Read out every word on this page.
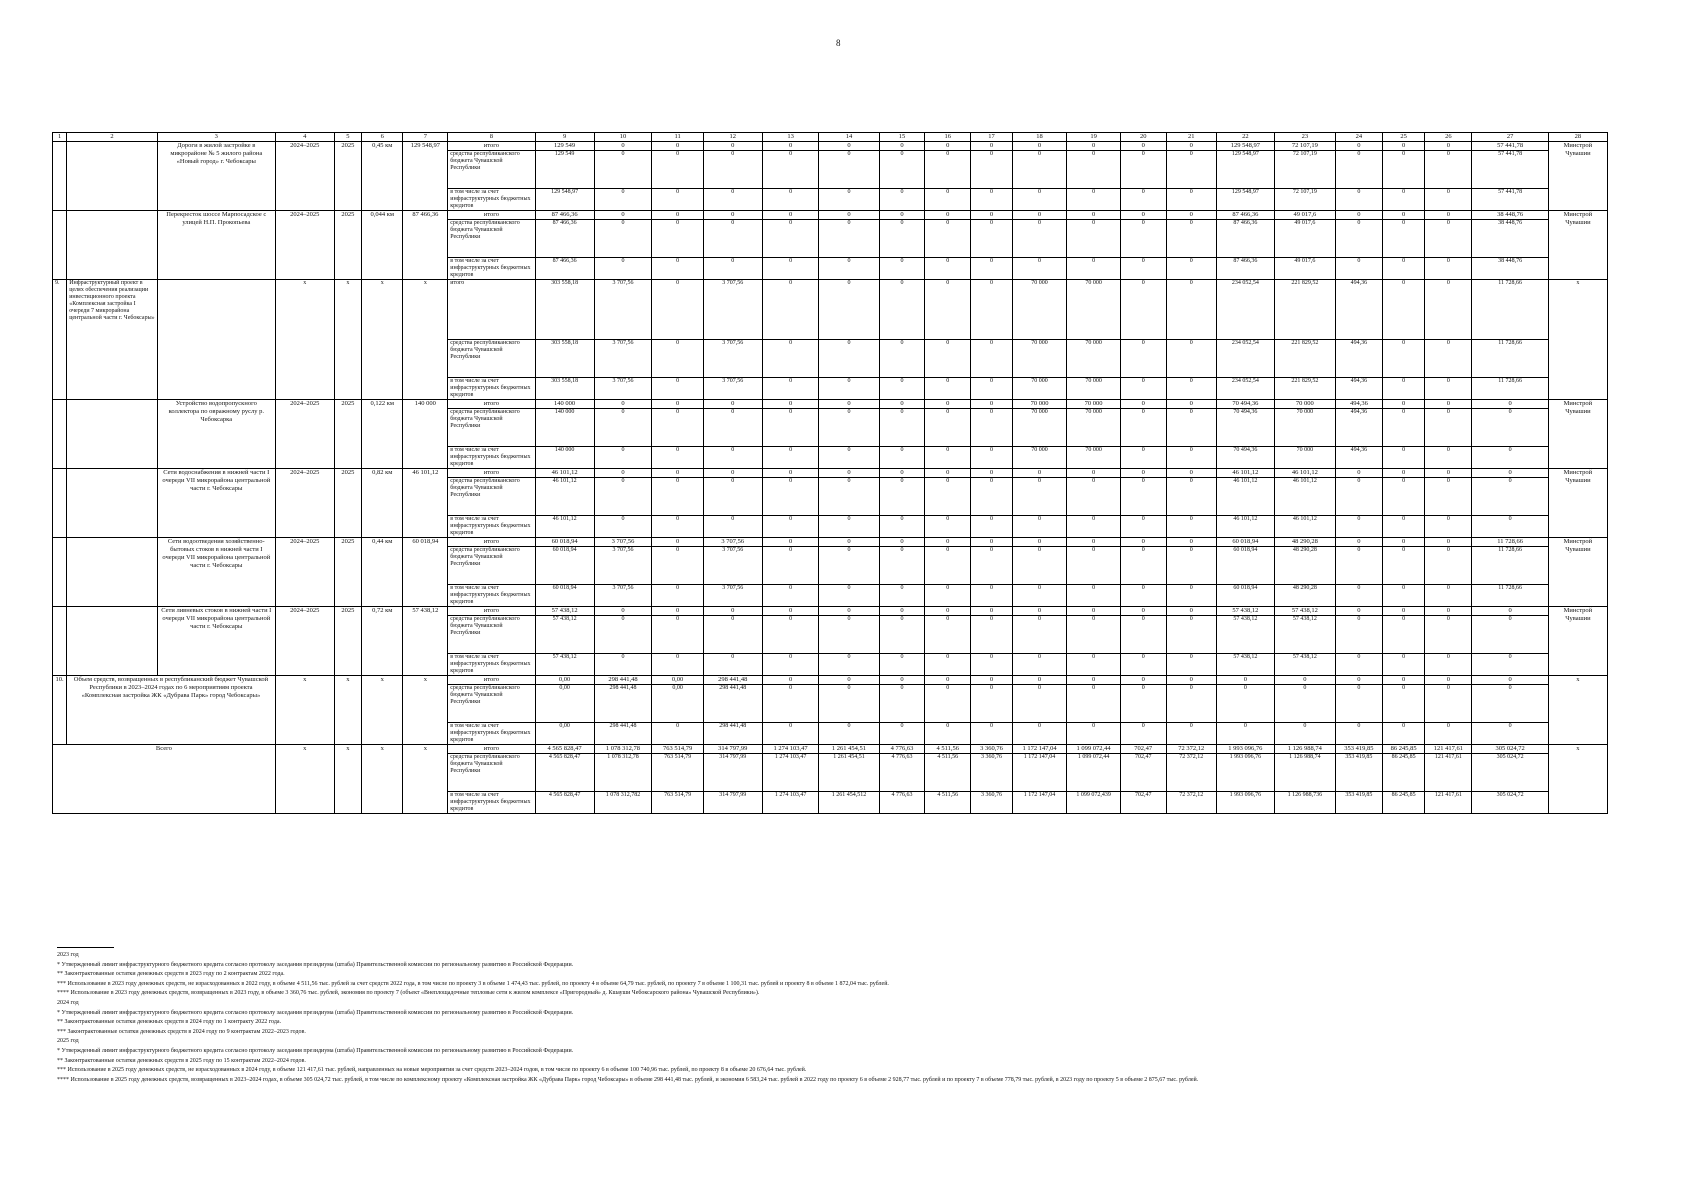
8
1	2	3	4	5	6	7	8	9	10	11	12	13	14	15	16	17	18	19	20	21	22	23	24	25	26	27	28
		Дороги в жилой застройке в микрорайоне № 5 жилого района «Новый город» г. Чебоксары	2024–2025	2025	0,45 км	129 548,97	итого	129 549	0	0	0	0	0	0	0	0	0	0	0	0	129 548,97	72 107,19	0	0	0	57 441,78	Минстрой Чувашии
							средства республиканского бюджета Чувашской Республики	129 549	0	0	0	0	0	0	0	0	0	0	0	0	129 548,97	72 107,19	0	0	0	57 441,78	
							в том числе за счет инфраструктурных бюджетных кредитов	129 548,97	0	0	0	0	0	0	0	0	0	0	0	0	129 548,97	72 107,19	0	0	0	57 441,78	
		Перекресток шоссе Марпосадское с улицей Н.П. Прокопьева	2024–2025	2025	0,044 км	87 466,36	итого	87 466,36	0	0	0	0	0	0	0	0	0	0	0	0	87 466,36	49 017,6	0	0	0	38 448,76	Минстрой Чувашии
							средства республиканского бюджета Чувашской Республики	87 466,36	0	0	0	0	0	0	0	0	0	0	0	0	87 466,36	49 017,6	0	0	0	38 448,76	
							в том числе за счет инфраструктурных бюджетных кредитов	87 466,36	0	0	0	0	0	0	0	0	0	0	0	0	87 466,36	49 017,6	0	0	0	38 448,76	
9.	Инфраструктурный проект в целях обеспечения реализации инвестиционного проекта «Комплексная застройка I очереди 7 микрорайона центральной части г. Чебоксары»		x	x	x	x	итого	303 558,18	3 707,56	0	3 707,56	0	0	0	0	0	70 000	70 000	0	0	234 052,54	221 829,52	494,36	0	0	11 728,66	x
							средства республиканского бюджета Чувашской Республики	303 558,18	3 707,56	0	3 707,56	0	0	0	0	0	70 000	70 000	0	0	234 052,54	221 829,52	494,36	0	0	11 728,66	
							в том числе за счет инфраструктурных бюджетных кредитов	303 558,18	3 707,56	0	3 707,56	0	0	0	0	0	70 000	70 000	0	0	234 052,54	221 829,52	494,36	0	0	11 728,66	
		Устройство водопропускного коллектора по овражному руслу р. Чебоксарка	2024–2025	2025	0,122 км	140 000	итого	140 000	0	0	0	0	0	0	0	0	70 000	70 000	0	0	70 494,36	70 000	494,36	0	0	0	Минстрой Чувашии
							средства республиканского бюджета Чувашской Республики	140 000	0	0	0	0	0	0	0	0	70 000	70 000	0	0	70 494,36	70 000	494,36	0	0	0	
							в том числе за счет инфраструктурных бюджетных кредитов	140 000	0	0	0	0	0	0	0	0	70 000	70 000	0	0	70 494,36	70 000	494,36	0	0	0	
		Сети водоснабжения в нижней части I очереди VII микрорайона центральной части г. Чебоксары	2024–2025	2025	0,82 км	46 101,12	итого	46 101,12	0	0	0	0	0	0	0	0	0	0	0	0	46 101,12	46 101,12	0	0	0	0	Минстрой Чувашии
							средства республиканского бюджета Чувашской Республики	46 101,12	0	0	0	0	0	0	0	0	0	0	0	0	46 101,12	46 101,12	0	0	0	0	
							в том числе за счет инфраструктурных бюджетных кредитов	46 101,12	0	0	0	0	0	0	0	0	0	0	0	0	46 101,12	46 101,12	0	0	0	0	
		Сети водоотведения хозяйственно-бытовых стоков в нижней части I очереди VII микрорайона центральной части г. Чебоксары	2024–2025	2025	0,44 км	60 018,94	итого	60 018,94	3 707,56	0	3 707,56	0	0	0	0	0	0	0	0	0	60 018,94	48 290,28	0	0	0	11 728,66	Минстрой Чувашии
							средства республиканского бюджета Чувашской Республики	60 018,94	3 707,56	0	3 707,56	0	0	0	0	0	0	0	0	0	60 018,94	48 290,28	0	0	0	11 728,66	
							в том числе за счет инфраструктурных бюджетных кредитов	60 018,94	3 707,56	0	3 707,56	0	0	0	0	0	0	0	0	0	60 018,94	48 290,28	0	0	0	11 728,66	
		Сети ливневых стоков в нижней части I очереди VII микрорайона центральной части г. Чебоксары	2024–2025	2025	0,72 км	57 438,12	итого	57 438,12	0	0	0	0	0	0	0	0	0	0	0	0	57 438,12	57 438,12	0	0	0	0	Минстрой Чувашии
							средства республиканского бюджета Чувашской Республики	57 438,12	0	0	0	0	0	0	0	0	0	0	0	0	57 438,12	57 438,12	0	0	0	0	
							в том числе за счет инфраструктурных бюджетных кредитов	57 438,12	0	0	0	0	0	0	0	0	0	0	0	0	57 438,12	57 438,12	0	0	0	0	
10.	Объем средств, возвращенных в республиканский бюджет Чувашской Республики в 2023–2024 годах по 6 мероприятиям проекта «Комплексная застройка ЖК «Дубрава Парк» город Чебоксары»		x	x	x	x	итого	0,00	298 441,48	0,00	298 441,48	0	0	0	0	0	0	0	0	0	0	0	0	0	0	0	x
							средства республиканского бюджета Чувашской Республики	0,00	298 441,48	0,00	298 441,48	0	0	0	0	0	0	0	0	0	0	0	0	0	0	0	
							в том числе за счет инфраструктурных бюджетных кредитов	0,00	298 441,48	0	298 441,48	0	0	0	0	0	0	0	0	0	0	0	0	0	0	0	
Всего			x	x	x	x	итого	4 565 828,47	1 078 312,78	763 514,79	314 797,99	1 274 103,47	1 261 454,51	4 776,63	4 511,56	3 360,76	1 172 147,04	1 099 072,44	702,47	72 372,12	1 993 096,76	1 126 988,74	353 419,85	86 245,85	121 417,61	305 024,72	x
							средства республиканского бюджета Чувашской Республики	4 565 828,47	1 078 312,78	763 514,79	314 797,99	1 274 103,47	1 261 454,51	4 776,63	4 511,56	3 360,76	1 172 147,04	1 099 072,44	702,47	72 372,12	1 993 096,76	1 126 988,74	353 419,85	86 245,85	121 417,61	305 024,72	
							в том числе за счет инфраструктурных бюджетных кредитов	4 565 828,47	1 078 312,782	763 514,79	314 797,99	1 274 103,47	1 261 454,512	4 776,63	4 511,56	3 360,76	1 172 147,04	1 099 072,439	702,47	72 372,12	1 993 096,76	1 126 988,736	353 419,85	86 245,85	121 417,61	305 024,72	
2023 год
* Утвержденный лимит инфраструктурного бюджетного кредита согласно протоколу заседания президиума (штаба) Правительственной комиссии по региональному развитию в Российской Федерации.
** Законтрактованные остатки денежных средств в 2023 году по 2 контрактам 2022 года.
*** Использование в 2023 году денежных средств, не израсходованных в 2022 году, в объеме 4 511,56 тыс. рублей за счет средств 2022 года, в том числе по проекту 3 в объеме 1 474,43 тыс. рублей, по проекту 4 в объеме 64,79 тыс. рублей, по проекту 7 в объеме 1 100,31 тыс. рублей и проекту 8 в объеме 1 872,04 тыс. рублей.
**** Использование в 2023 году денежных средств, возвращенных в 2023 году, в объеме 3 360,76 тыс. рублей, экономия по проекту 7 (объект «Внеплощадочные тепловые сети к жилом комплексе «Пригородный» д. Кшауши Чебоксарского района» Чувашской Республики»).
2024 год
* Утвержденный лимит инфраструктурного бюджетного кредита согласно протоколу заседания президиума (штаба) Правительственной комиссии по региональному развитию в Российской Федерации.
** Законтрактованные остатки денежных средств в 2024 году по 1 контракту 2022 года.
*** Законтрактованные остатки денежных средств в 2024 году по 9 контрактам 2022–2023 годов.
2025 год
* Утвержденный лимит инфраструктурного бюджетного кредита согласно протоколу заседания президиума (штаба) Правительственной комиссии по региональному развитию в Российской Федерации.
** Законтрактованные остатки денежных средств в 2025 году по 15 контрактам 2022–2024 годов.
*** Использование в 2025 году денежных средств, не израсходованных в 2024 году, в объеме 121 417,61 тыс. рублей, направленных на новые мероприятия за счет средств 2023–2024 годов, в том числе по проекту 6 в объеме 100 740,96 тыс. рублей, по проекту 8 в объеме 20 676,64 тыс. рублей.
**** Использование в 2025 году денежных средств, возвращенных в 2023–2024 годах, в объеме 305 024,72 тыс. рублей, в том числе по комплексному проекту «Комплексная застройка ЖК «Дубрава Парк» город Чебоксары» в объеме 298 441,48 тыс. рублей, и экономия 6 583,24 тыс. рублей в 2022 году по проекту 6 в объеме 2 928,77 тыс. рублей и по проекту 7 в объеме 778,79 тыс. рублей, в 2023 году по проекту 5 в объеме 2 875,67 тыс. рублей.
